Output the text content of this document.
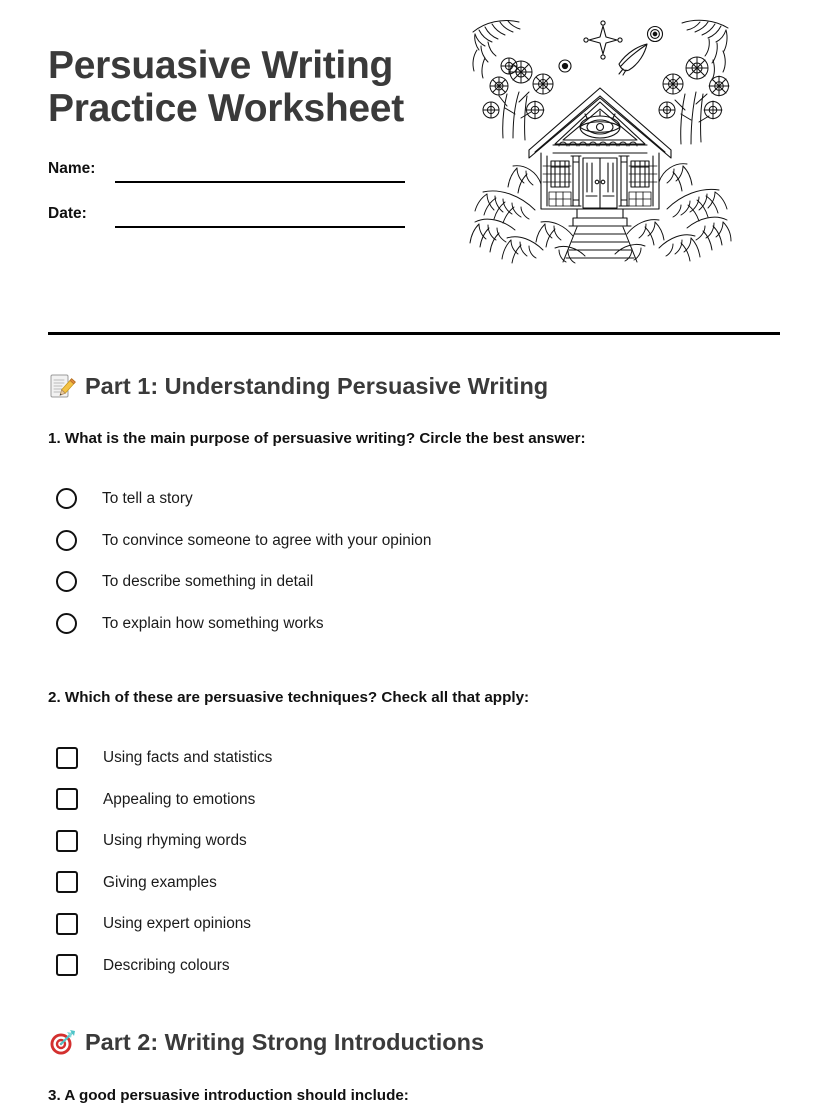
Persuasive Writing
Practice Worksheet
Name:
Date:
Part 1: Understanding Persuasive Writing
1. What is the main purpose of persuasive writing? Circle the best answer:
To tell a story
To convince someone to agree with your opinion
To describe something in detail
To explain how something works
2. Which of these are persuasive techniques? Check all that apply:
Using facts and statistics
Appealing to emotions
Using rhyming words
Giving examples
Using expert opinions
Describing colours
Part 2: Writing Strong Introductions
3. A good persuasive introduction should include:
